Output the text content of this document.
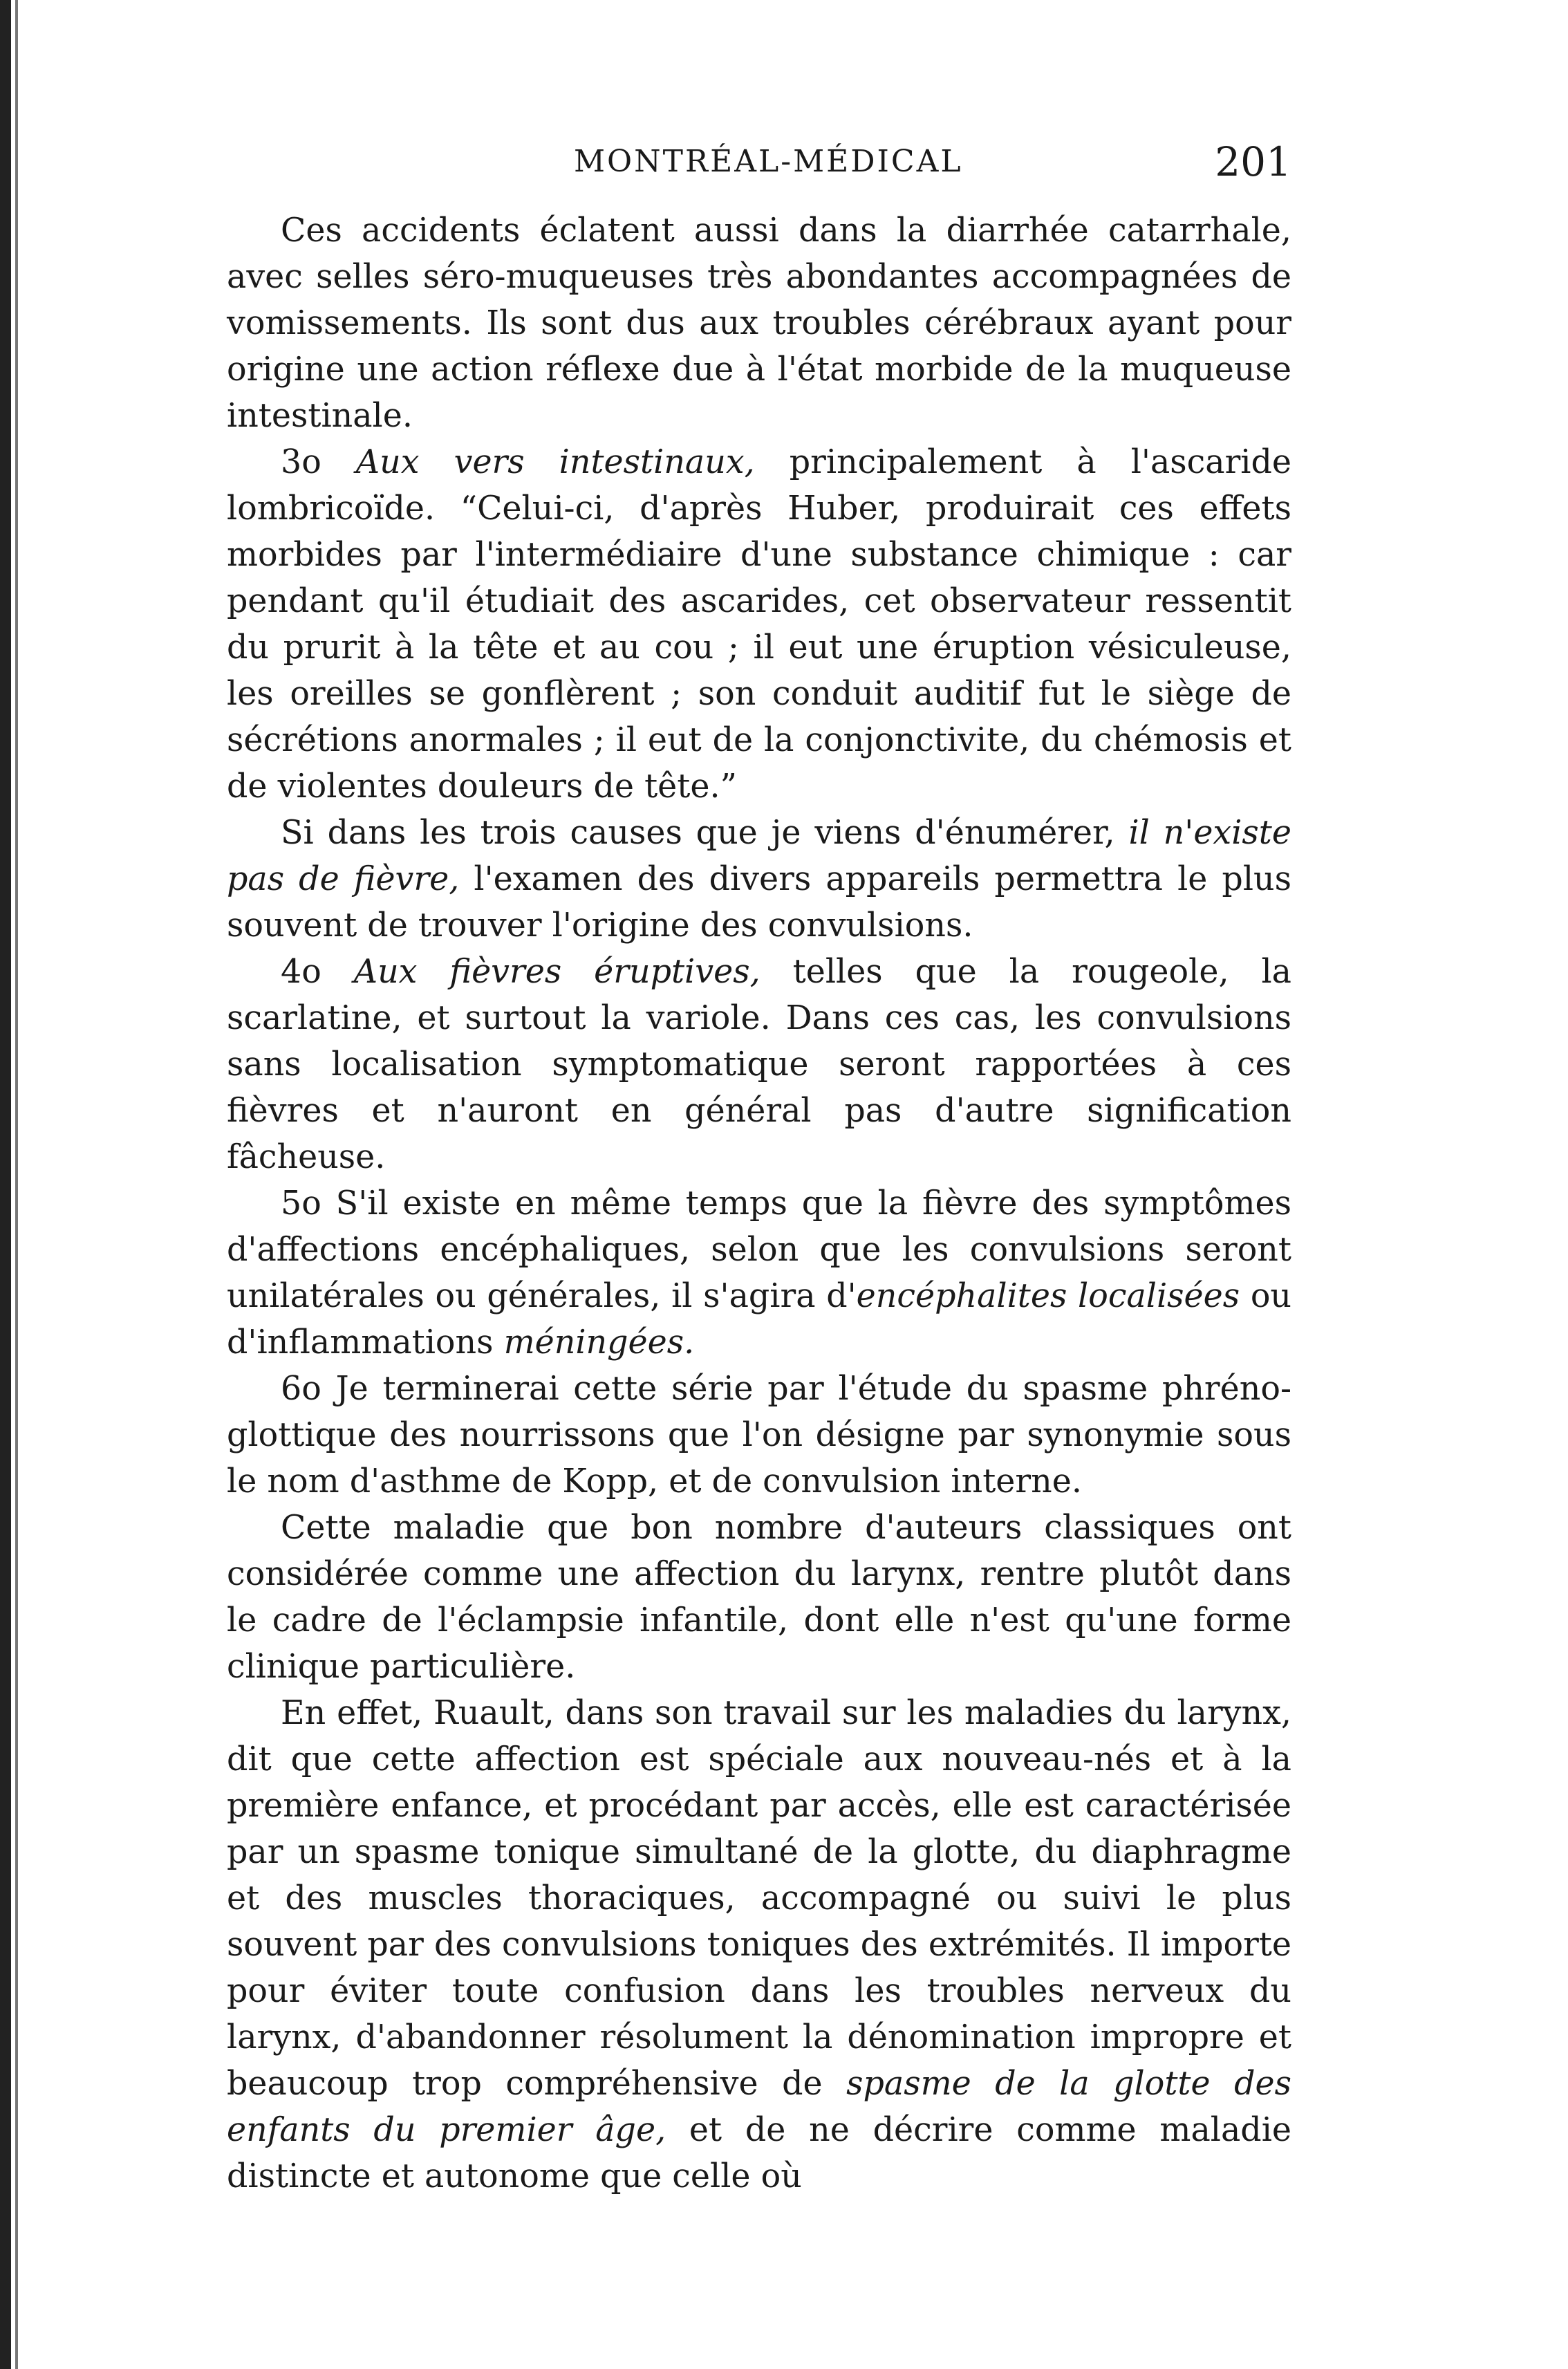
MONTRÉAL-MÉDICAL	201

Ces accidents éclatent aussi dans la diarrhée catarrhale, avec selles séro-muqueuses très abondantes accompagnées de vomissements. Ils sont dus aux troubles cérébraux ayant pour origine une action réflexe due à l'état morbide de la muqueuse intestinale.

3o Aux vers intestinaux, principalement à l'ascaride lombricoïde. “Celui-ci, d'après Huber, produirait ces effets morbides par l'intermédiaire d'une substance chimique : car pendant qu'il étudiait des ascarides, cet observateur ressentit du prurit à la tête et au cou ; il eut une éruption vésiculeuse, les oreilles se gonflèrent ; son conduit auditif fut le siège de sécrétions anormales ; il eut de la conjonctivite, du chémosis et de violentes douleurs de tête.”

Si dans les trois causes que je viens d'énumérer, il n'existe pas de fièvre, l'examen des divers appareils permettra le plus souvent de trouver l'origine des convulsions.

4o Aux fièvres éruptives, telles que la rougeole, la scarlatine, et surtout la variole. Dans ces cas, les convulsions sans localisation symptomatique seront rapportées à ces fièvres et n'auront en général pas d'autre signification fâcheuse.

5o S'il existe en même temps que la fièvre des symptômes d'affections encéphaliques, selon que les convulsions seront unilatérales ou générales, il s'agira d'encéphalites localisées ou d'inflammations méningées.

6o Je terminerai cette série par l'étude du spasme phréno-glottique des nourrissons que l'on désigne par synonymie sous le nom d'asthme de Kopp, et de convulsion interne.

Cette maladie que bon nombre d'auteurs classiques ont considérée comme une affection du larynx, rentre plutôt dans le cadre de l'éclampsie infantile, dont elle n'est qu'une forme clinique particulière.

En effet, Ruault, dans son travail sur les maladies du larynx, dit que cette affection est spéciale aux nouveau-nés et à la première enfance, et procédant par accès, elle est caractérisée par un spasme tonique simultané de la glotte, du diaphragme et des muscles thoraciques, accompagné ou suivi le plus souvent par des convulsions toniques des extrémités. Il importe pour éviter toute confusion dans les troubles nerveux du larynx, d'abandonner résolument la dénomination impropre et beaucoup trop compréhensive de spasme de la glotte des enfants du premier âge, et de ne décrire comme maladie distincte et autonome que celle où
